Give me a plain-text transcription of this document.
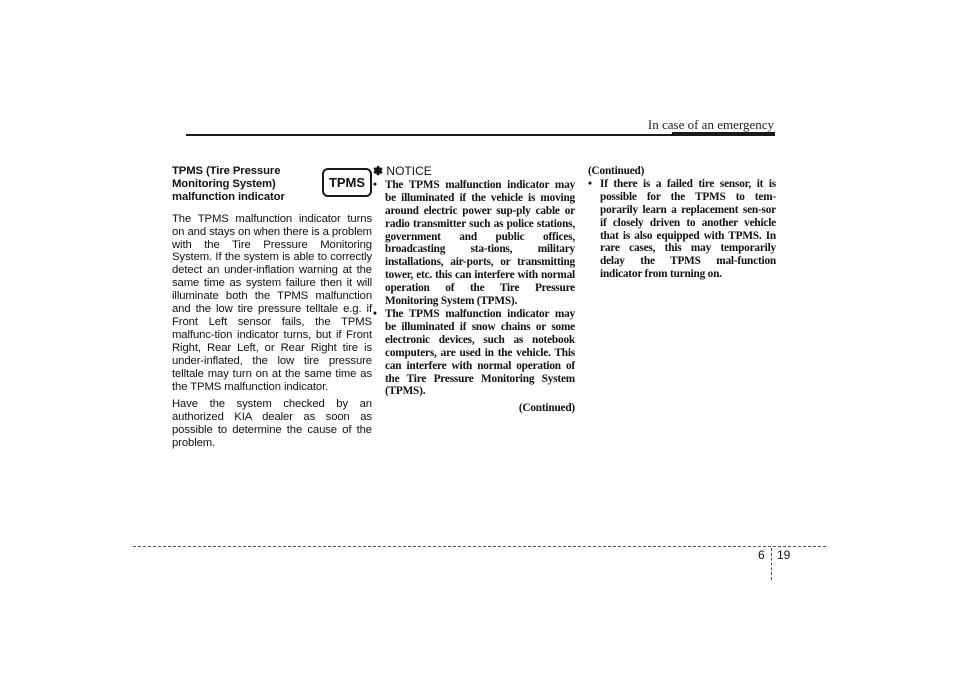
In case of an emergency
TPMS (Tire Pressure Monitoring System) malfunction indicator

The TPMS malfunction indicator turns on and stays on when there is a problem with the Tire Pressure Monitoring System. If the system is able to correctly detect an under-inflation warning at the same time as system failure then it will illuminate both the TPMS malfunction and the low tire pressure telltale e.g. if Front Left sensor fails, the TPMS malfunc-tion indicator turns, but if Front Right, Rear Left, or Rear Right tire is under-inflated, the low tire pressure telltale may turn on at the same time as the TPMS malfunction indicator.

Have the system checked by an authorized KIA dealer as soon as possible to determine the cause of the problem.

TPMS
✽ NOTICE
• The TPMS malfunction indicator may be illuminated if the vehicle is moving around electric power sup-ply cable or radio transmitter such as police stations, government and public offices, broadcasting sta-tions, military installations, air-ports, or transmitting tower, etc. this can interfere with normal operation of the Tire Pressure Monitoring System (TPMS).
• The TPMS malfunction indicator may be illuminated if snow chains or some electronic devices, such as notebook computers, are used in the vehicle. This can interfere with normal operation of the Tire Pressure Monitoring System (TPMS).
(Continued)

(Continued)

• If there is a failed tire sensor, it is possible for the TPMS to tem-porarily learn a replacement sen-sor if closely driven to another vehicle that is also equipped with TPMS. In rare cases, this may temporarily delay the TPMS mal-function indicator from turning on.
6 19
